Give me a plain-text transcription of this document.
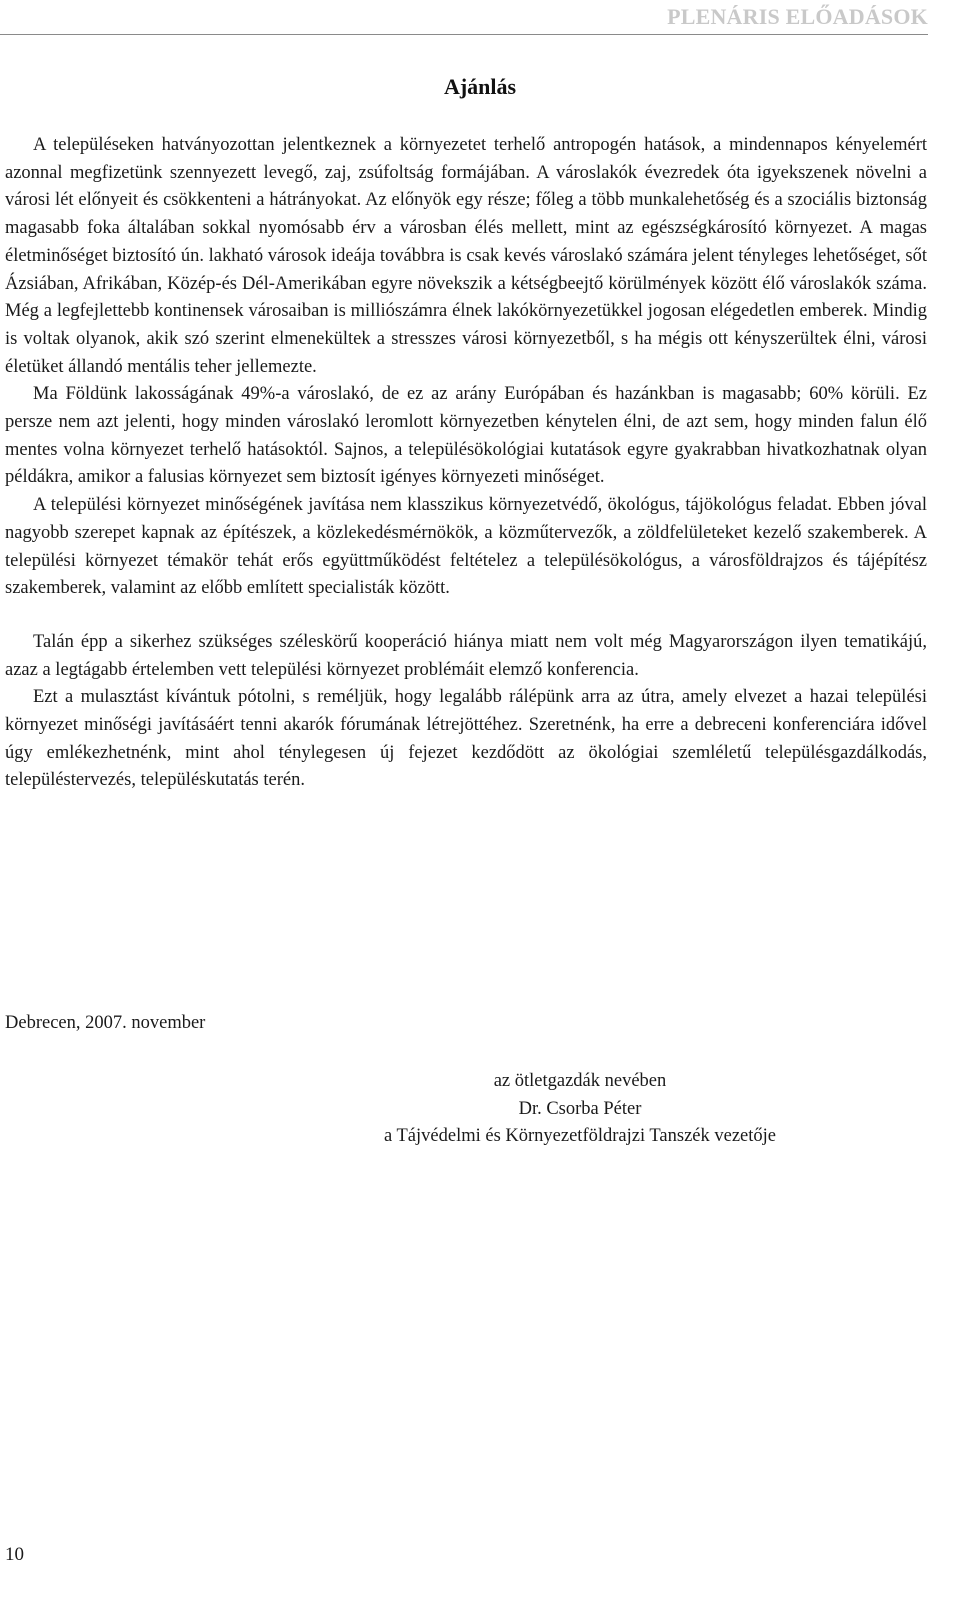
PLENÁRIS ELŐADÁSOK
Ajánlás

A településeken hatványozottan jelentkeznek a környezetet terhelő antropogén hatások, a mindennapos kényelemért azonnal megfizetünk szennyezett levegő, zaj, zsúfoltság formájában. A városlakók évezredek óta igyekszenek növelni a városi lét előnyeit és csökkenteni a hátrányokat. Az előnyök egy része; főleg a több munkalehetőség és a szociális biztonság magasabb foka általában sokkal nyomósabb érv a városban élés mellett, mint az egészségkárosító környezet. A magas életminőséget biztosító ún. lakható városok ideája továbbra is csak kevés városlakó számára jelent tényleges lehetőséget, sőt Ázsiában, Afrikában, Közép-és Dél-Amerikában egyre növekszik a kétségbeejtő körülmények között élő városlakók száma. Még a legfejlettebb kontinensek városaiban is milliószámra élnek lakókörnyezetükkel jogosan elégedetlen emberek. Mindig is voltak olyanok, akik szó szerint elmenekültek a stresszes városi környezetből, s ha mégis ott kényszerültek élni, városi életüket állandó mentális teher jellemezte.

Ma Földünk lakosságának 49%-a városlakó, de ez az arány Európában és hazánkban is magasabb; 60% körüli. Ez persze nem azt jelenti, hogy minden városlakó leromlott környezetben kénytelen élni, de azt sem, hogy minden falun élő mentes volna környezet terhelő hatásoktól. Sajnos, a településökológiai kutatások egyre gyakrabban hivatkozhatnak olyan példákra, amikor a falusias környezet sem biztosít igényes környezeti minőséget.

A települési környezet minőségének javítása nem klasszikus környezetvédő, ökológus, tájökológus feladat. Ebben jóval nagyobb szerepet kapnak az építészek, a közlekedésmérnökök, a közműtervezők, a zöldfelületeket kezelő szakemberek. A települési környezet témakör tehát erős együttműködést feltételez a településökológus, a városföldrajzos és tájépítész szakemberek, valamint az előbb említett specialisták között.

Talán épp a sikerhez szükséges széleskörű kooperáció hiánya miatt nem volt még Magyarországon ilyen tematikájú, azaz a legtágabb értelemben vett települési környezet problémáit elemző konferencia.

Ezt a mulasztást kívántuk pótolni, s reméljük, hogy legalább rálépünk arra az útra, amely elvezet a hazai települési környezet minőségi javításáért tenni akarók fórumának létrejöttéhez. Szeretnénk, ha erre a debreceni konferenciára idővel úgy emlékezhetnénk, mint ahol ténylegesen új fejezet kezdődött az ökológiai szemléletű településgazdálkodás, településtervezés, településkutatás terén.

Debrecen, 2007. november

az ötletgazdák nevében

Dr. Csorba Péter

a Tájvédelmi és Környezetföldrajzi Tanszék vezetője

10
